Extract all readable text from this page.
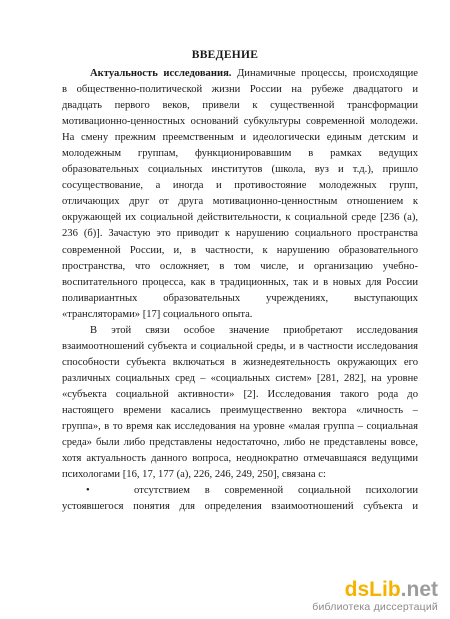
ВВЕДЕНИЕ
Актуальность исследования. Динамичные процессы, происходящие
в общественно-политической жизни России на рубеже двадцатого и
двадцать первого веков, привели к существенной трансформации
мотивационно-ценностных оснований субкультуры современной молодежи.
На смену прежним преемственным и идеологически единым детским и
молодежным группам, функционировавшим в рамках ведущих
образовательных социальных институтов (школа, вуз и т.д.), пришло
сосуществование, а иногда и противостояние молодежных групп,
отличающих друг от друга мотивационно-ценностным отношением к
окружающей их социальной действительности, к социальной среде [236 (а),
236 (б)]. Зачастую это приводит к нарушению социального пространства
современной России, и, в частности, к нарушению образовательного
пространства, что осложняет, в том числе, и организацию учебно-
воспитательного процесса, как в традиционных, так и в новых для России
поливариантных образовательных учреждениях, выступающих
«трансляторами» [17] социального опыта.
В этой связи особое значение приобретают исследования
взаимоотношений субъекта и социальной среды, и в частности исследования
способности субъекта включаться в жизнедеятельность окружающих его
различных социальных сред – «социальных систем» [281, 282], на уровне
«субъекта социальной активности» [2]. Исследования такого рода до
настоящего времени касались преимущественно вектора «личность –
группа», в то время как исследования на уровне «малая группа – социальная
среда» были либо представлены недостаточно, либо не представлены вовсе,
хотя актуальность данного вопроса, неоднократно отмечавшаяся ведущими
психологами [16, 17, 177 (а), 226, 246, 249, 250], связана с:
•	отсутствием в современной социальной психологии
устоявшегося понятия для определения взаимоотношений субъекта и
dsLib.net
библиотека диссертаций
